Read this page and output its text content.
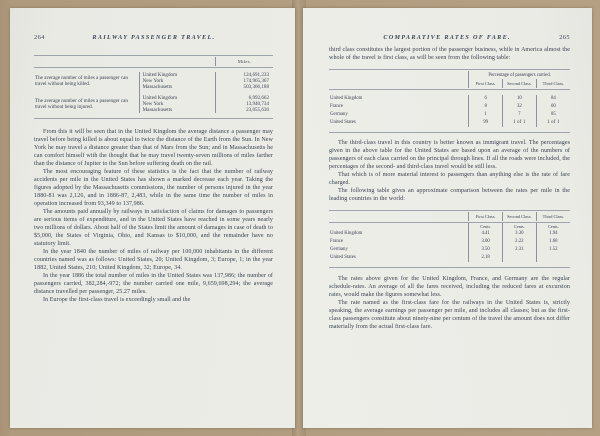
264	RAILWAY PASSENGER TRAVEL.
		Miles.
The average number of miles a passenger can travel without being killed.	United Kingdom	124,691,233
	New York	174,965,367
	Massachusetts	503,366,188

The average number of miles a passenger can travel without being injured.	United Kingdom	6,992,662
	New York	13,940,734
	Massachusetts	23,055,630

From this it will be seen that in the United Kingdom the average distance a passenger may travel before being killed is about equal to twice the distance of the Earth from the Sun. In New York he may travel a distance greater than that of Mars from the Sun; and in Massachusetts he can comfort himself with the thought that he may travel twenty-seven millions of miles farther than the distance of Jupiter to the Sun before suffering death on the rail.

The most encouraging feature of these statistics is the fact that the number of railway accidents per mile in the United States has shown a marked decrease each year. Taking the figures adopted by the Massachusetts commissions, the number of persons injured in the year 1880-81 was 2,126, and in 1886-87, 2,483, while in the same time the number of miles in operation increased from 93,349 to 137,986.

The amounts paid annually by railways in satisfaction of claims for damages to passengers are serious items of expenditure, and in the United States have reached in some years nearly two millions of dollars. About half of the States limit the amount of damages in case of death to $5,000, the States of Virginia, Ohio, and Kansas to $10,000, and the remainder have no statutory limit.

In the year 1840 the number of miles of railway per 100,000 inhabitants in the different countries named was as follows: United States, 20; United Kingdom, 3; Europe, 1; in the year 1882, United States, 210; United Kingdom, 32; Europe, 34.

In the year 1886 the total number of miles in the United States was 137,986; the number of passengers carried, 382,284,-972; the number carried one mile, 9,659,698,294; the average distance travelled per passenger, 25.27 miles.

In Europe the first-class travel is exceedingly small and the

COMPARATIVE RATES OF FARE.	265

third class constitutes the largest portion of the passenger business, while in America almost the whole of the travel is first class, as will be seen from the following table:

	Percentage of passengers carried.
	First Class.	Second Class.	Third Class.
United Kingdom	6	10	84
France	8	32	60
Germany	1	7	85
United States	99	1 of 1	1 of 1

The third-class travel in this country is better known as immigrant travel. The percentages given in the above table for the United States are based upon an average of the numbers of passengers of each class carried on the principal through lines. If all the roads were included, the percentages of the second- and third-class travel would be still less.

That which is of more material interest to passengers than anything else is the rate of fare charged.

The following table gives an approximate comparison between the rates per mile in the leading countries in the world:

	First Class.	Second Class.	Third Class.
	Cents.	Cents.	Cents.
United Kingdom	4.41	3.30	1.94
France	3.00	2.22	1.68
Germany	3.50	2.31	1.52
United States	2.18		

The rates above given for the United Kingdom, France, and Germany are the regular schedule-rates. An average of all the fares received, including the reduced fares at excursion rates, would make the figures somewhat less.

The rate named as the first-class fare for the railways in the United States is, strictly speaking, the average earnings per passenger per mile, and includes all classes; but as the first-class passengers constitute about ninety-nine per centum of the travel the amount does not differ materially from the actual first-class fare.
